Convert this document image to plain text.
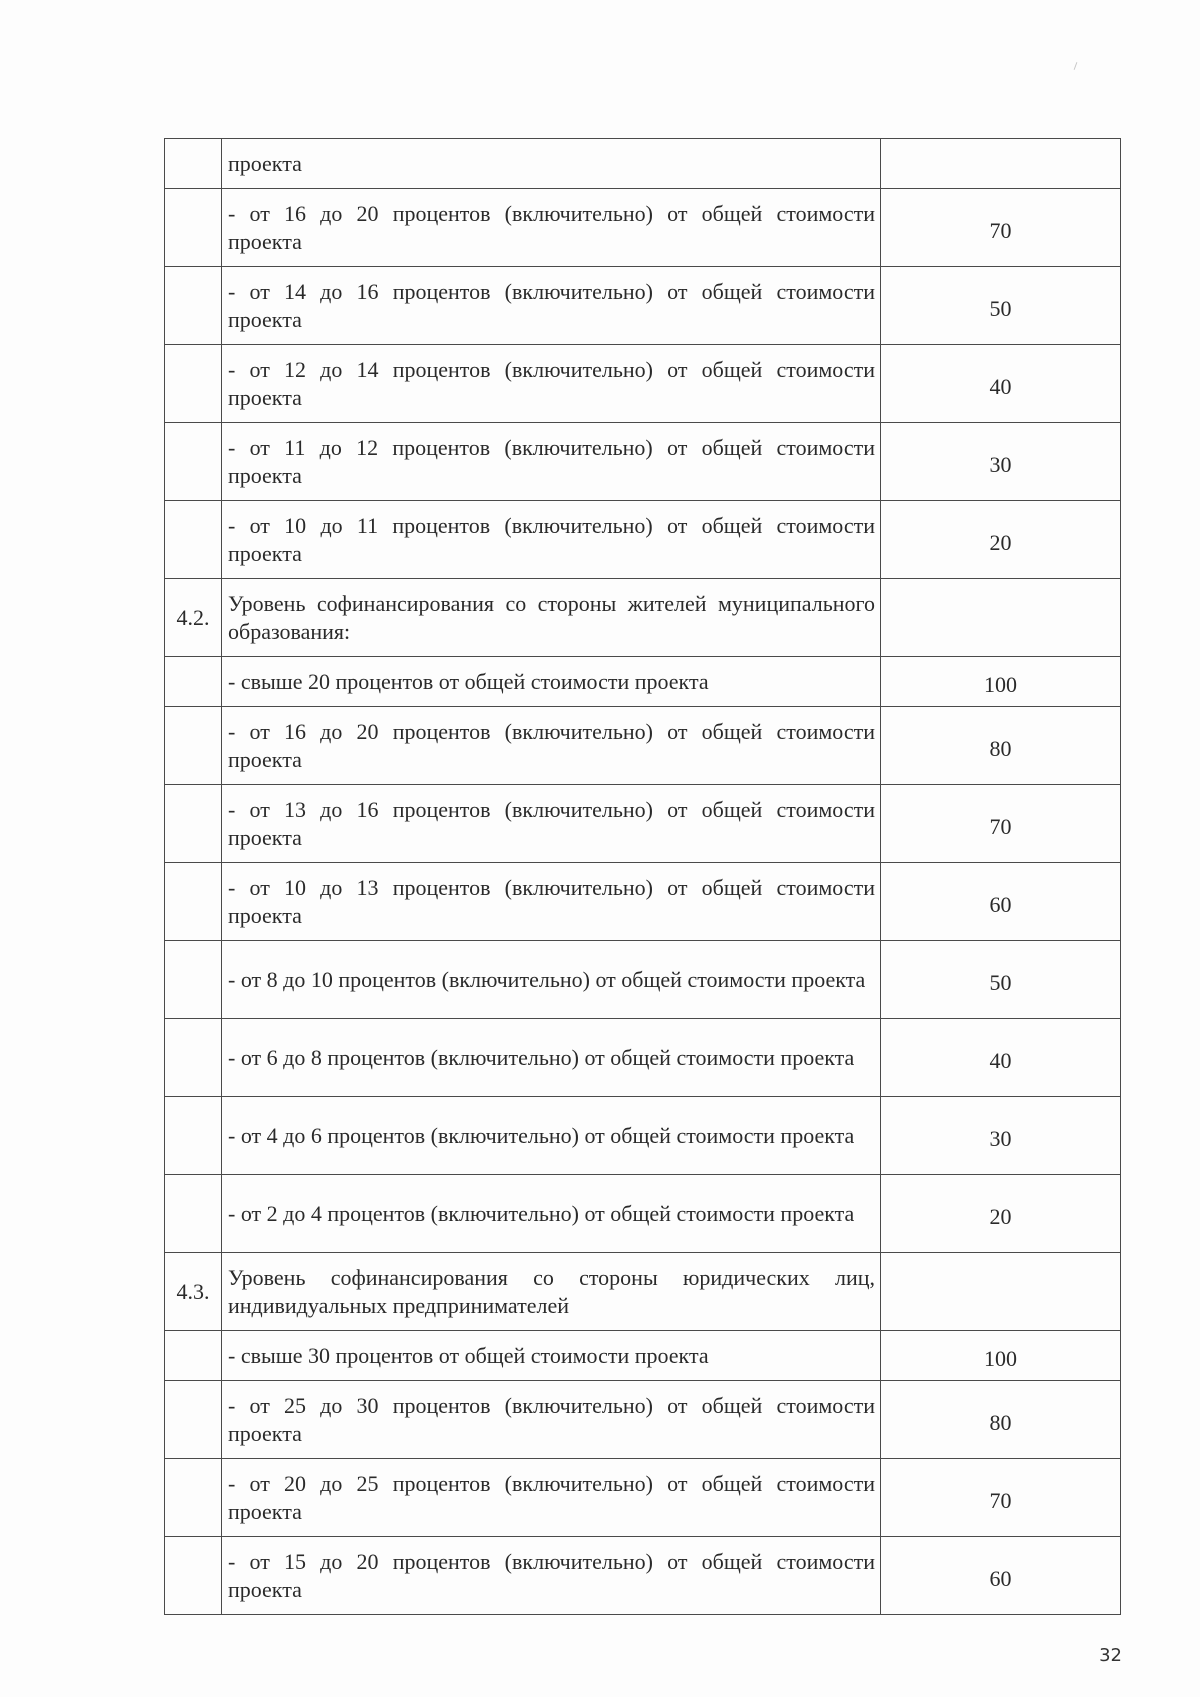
	проекта	
	- от 16 до 20 процентов (включительно) от общей стоимости проекта	70
	- от 14 до 16 процентов (включительно) от общей стоимости проекта	50
	- от 12 до 14 процентов (включительно) от общей стоимости проекта	40
	- от 11 до 12 процентов (включительно) от общей стоимости проекта	30
	- от 10 до 11 процентов (включительно) от общей стоимости проекта	20
4.2.	Уровень софинансирования со стороны жителей муниципального образования:	
	- свыше 20 процентов от общей стоимости проекта	100
	- от 16 до 20 процентов (включительно) от общей стоимости проекта	80
	- от 13 до 16 процентов (включительно) от общей стоимости проекта	70
	- от 10 до 13 процентов (включительно) от общей стоимости проекта	60
	- от 8 до 10 процентов (включительно) от общей стоимости проекта	50
	- от 6 до 8 процентов (включительно) от общей стоимости проекта	40
	- от 4 до 6 процентов (включительно) от общей стоимости проекта	30
	- от 2 до 4 процентов (включительно) от общей стоимости проекта	20
4.3.	Уровень софинансирования со стороны юридических лиц, индивидуальных предпринимателей	
	- свыше 30 процентов от общей стоимости проекта	100
	- от 25 до 30 процентов (включительно) от общей стоимости проекта	80
	- от 20 до 25 процентов (включительно) от общей стоимости проекта	70
	- от 15 до 20 процентов (включительно) от общей стоимости проекта	60
32
